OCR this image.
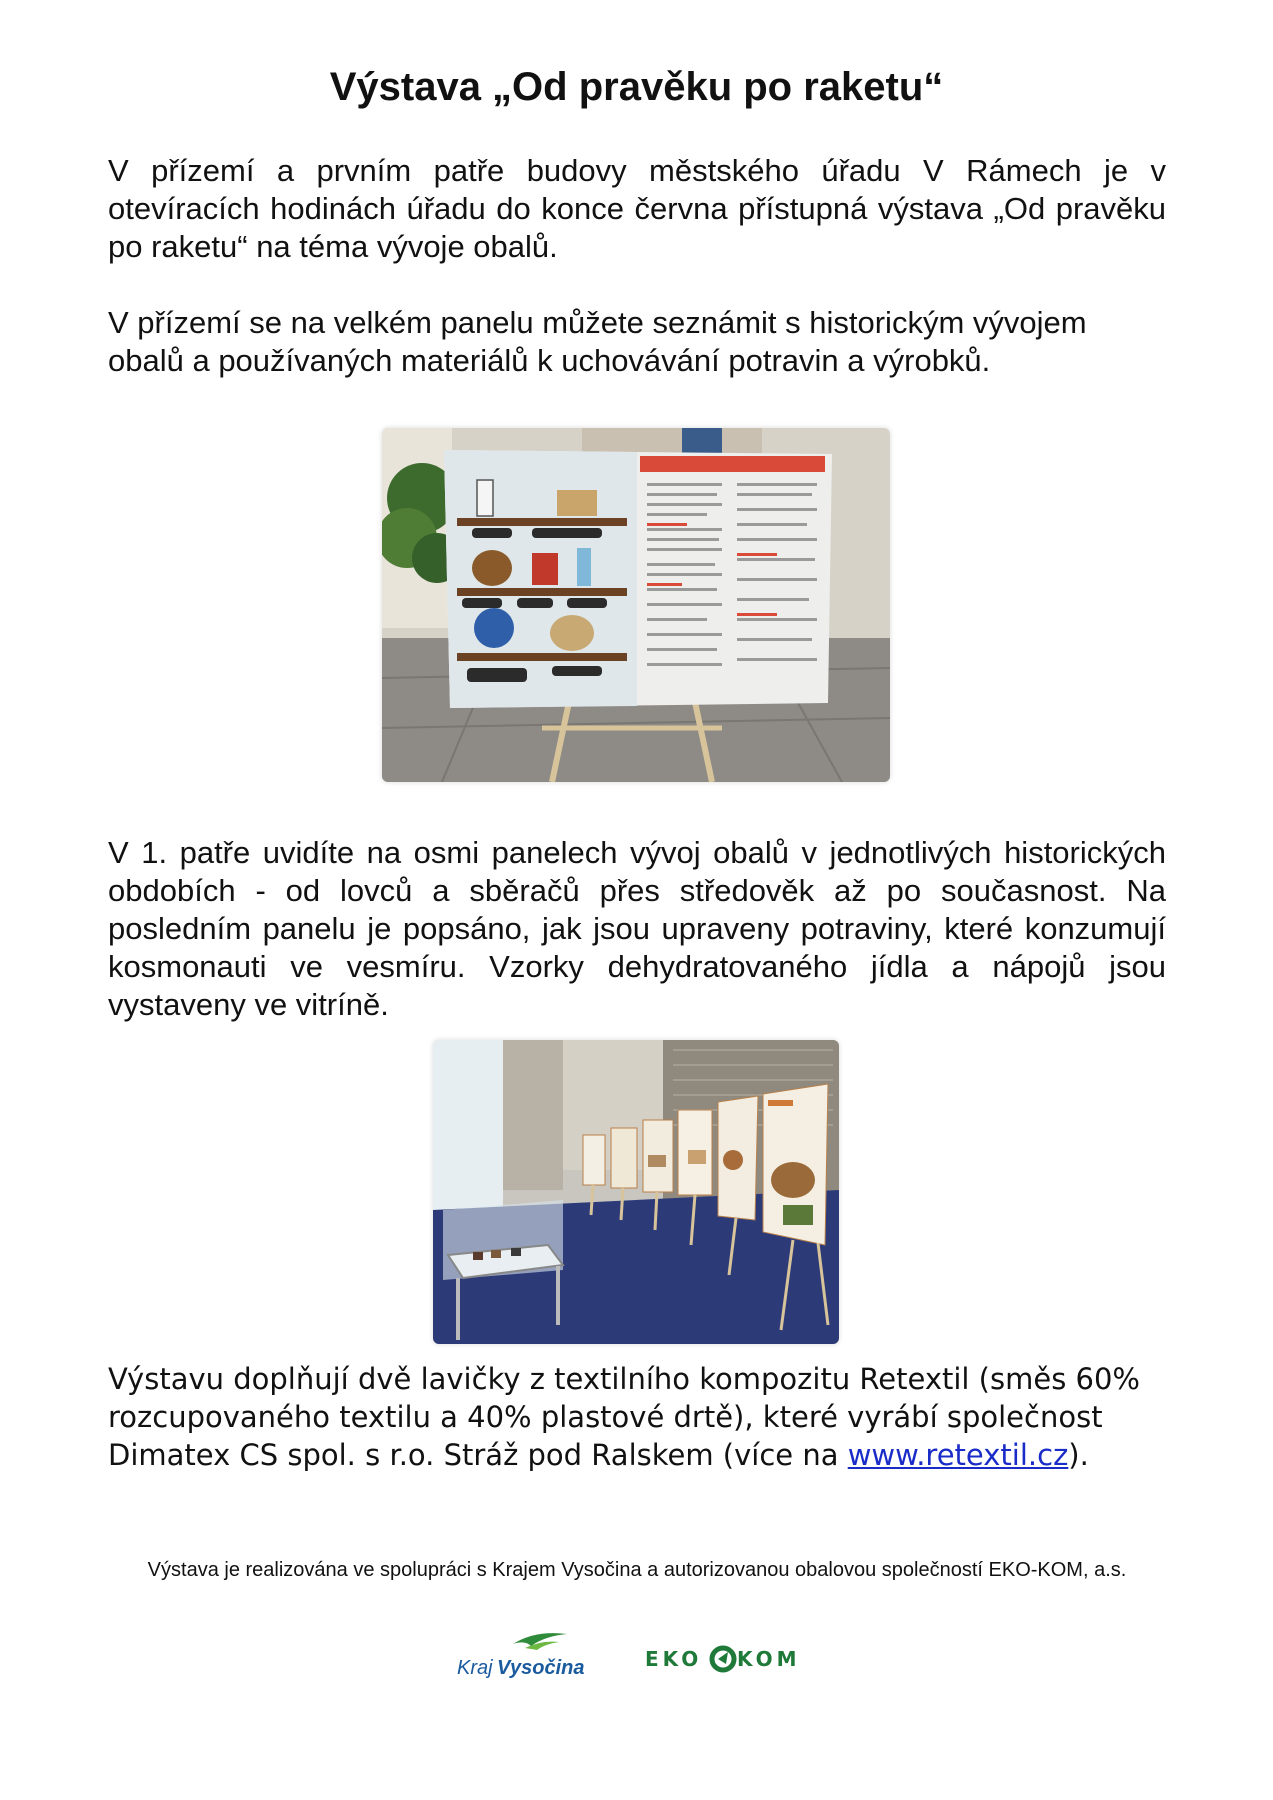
Výstava „Od pravěku po raketu“
V přízemí a prvním patře budovy městského úřadu V Rámech je v otevíracích hodinách úřadu do konce června přístupná výstava „Od pravěku po raketu“ na téma vývoje obalů.
V přízemí se na velkém panelu můžete seznámit s historickým vývojem obalů a používaných materiálů k uchovávání potravin a výrobků.
V 1. patře uvidíte na osmi panelech vývoj obalů v jednotlivých historických obdobích - od lovců a sběračů přes středověk až po současnost. Na posledním panelu je popsáno, jak jsou upraveny potraviny, které konzumují kosmonauti ve vesmíru. Vzorky dehydratovaného jídla a nápojů jsou vystaveny ve vitríně.
Výstavu doplňují dvě lavičky z textilního kompozitu Retextil (směs 60% rozcupovaného textilu a 40% plastové drtě), které vyrábí společnost Dimatex CS spol. s r.o. Stráž pod Ralskem (více na www.retextil.cz).
Výstava je realizována ve spolupráci s Krajem Vysočina a autorizovanou obalovou společností EKO-KOM, a.s.
Kraj Vysočina	EKO KOM
